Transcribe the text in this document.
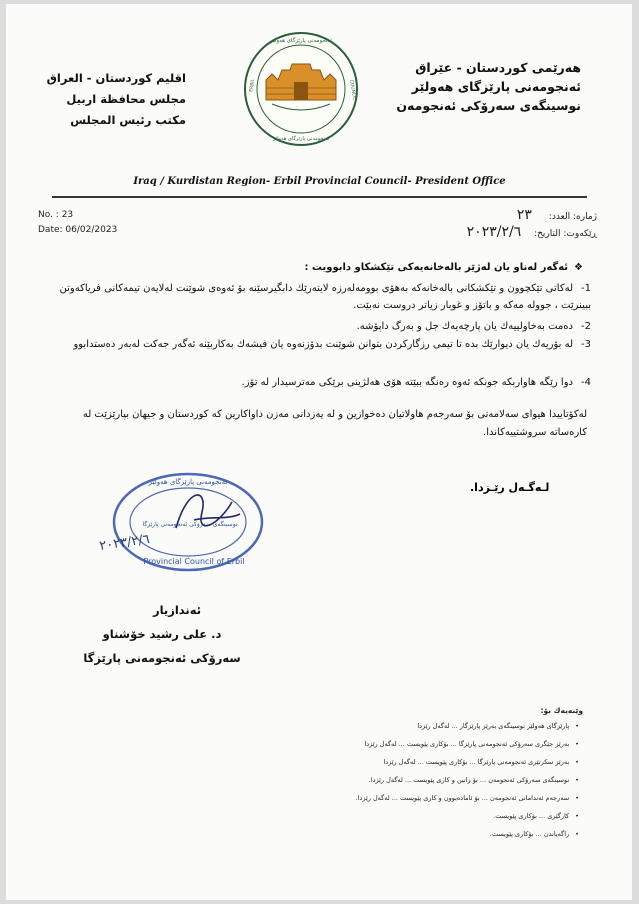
هەرێمی کوردستان - عێراق
ئەنجومەنی پارێزگای هەولێر
نوسینگەی سەرۆکی ئەنجومەن
اقليم كوردستان - العراق
مجلس محافظة اربيل
مكتب رئيس المجلس
ئەنجومەنی پارێزگای هەولێر
ERBIL	COUNCIL
ئەنجومەنی پارێزگای هەولێر
Iraq / Kurdistan Region- Erbil Provincial Council- President Office
No. : 23
Date: 06/02/2023
ژمارە: العدد: ٢٣
ڕێکەوت: التاريخ: ٢٠٢٣/٢/٦
❖ئەگەر لەناو یان لەژێر بالەخانەیەکی تێکشکاو دابوویت :
1-لەکاتی تێکچوون و تێکشکانی بالەخانەکە بەهۆی بوومەلەرزە لایتەرێك دابگیرسێنە بۆ ئەوەی شوێنت لەلایەن تیمەکانی فریاکەوتن ببینرێت ، جوولە مەکە و باتۆز و غوبار زیاتر دروست نەبێت.
2-دەمت بەخاولییەك یان پارچەیەك جل و بەرگ داپۆشە.
3-لە بۆریەك یان دیوارێك بدە تا تیمی رزگارکردن بتوانن شوێنت بدۆزنەوە یان فیشەك بەکاربێنە ئەگەر جەکت لەبەر دەستدابوو
4-دوا رێگە هاواربکە جونکە ئەوە رەنگە ببێتە هۆی هەلژینی برێکی مەترسیدار لە تۆز.
لەکۆتاییدا هیوای سەلامەتی بۆ سەرجەم هاولاتیان دەخوازین و لە یەزدانی مەزن داواکارین کە کوردستان و جیهان بپارێزێت لە کارەساتە سروشتییەکاندا.
لـەگـەل رێـزدا.
ئەنجومەنی پارێزگای هەولێر
نوسینگەی سەرۆکی ئەنجومەنی پارێزگا
Provincial Council of Erbil
٢٠٢٣/٢/٦
ئەندازیار
د. علی رشید خۆشناو
سەرۆکی ئەنجومەنی پارێزگا
وێنەیەك بۆ:
•پارێزگای هەولێر نوسینگەی بەرێز پارێزگار ... لەگەل رێزدا
•بەرێز جێگری سەرۆکی ئەنجومەنی پارێزگا ... بۆکاری پێویست ... لەگەل رێزدا
•بەرێز سکرتێری ئەنجومەنی پارێزگا ... بۆکاری پێویست ... لەگەل رێزدا
•نوسینگەی سەرۆکی ئەنجومەن ... بۆ زانین و کاری پێویست ... لەگەل رێزدا.
•سەرجەم ئەندامانی ئەنجومەن ... بۆ ئامادەبوون و کاری پێویست ... لەگەل رێزدا.
•کارگێری ... بۆکاری پێویست.
•راگەیاندن ... بۆکاری پێویست.
